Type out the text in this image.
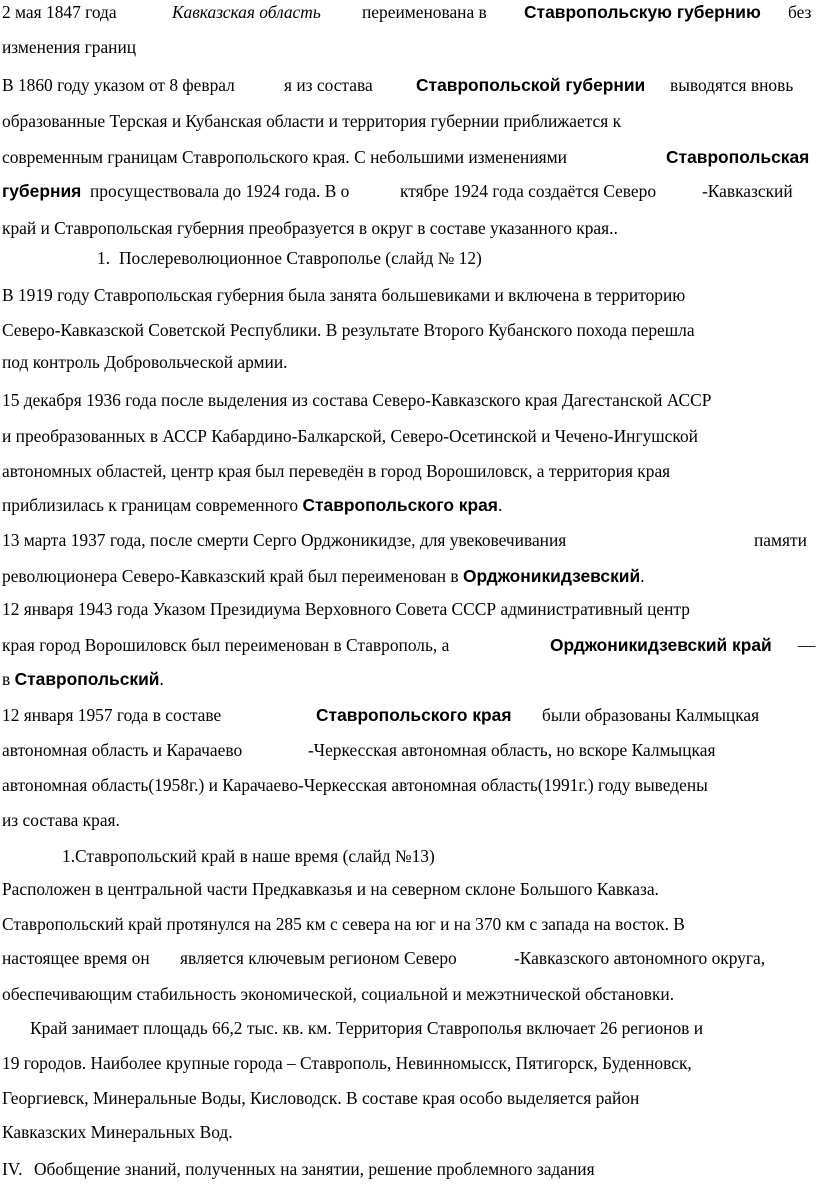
2 мая 1847 года	Кавказская область переименована в Ставропольскую губернию без
изменения границ
В 1860 году указом от 8 феврал	я из состава Ставропольской губернии выводятся вновь
образованные Терская и Кубанская области и территория губернии приближается к
современным границам Ставропольского края. С небольшими изменениями	Ставропольская
губерния просуществовала до 1924 года. В о	ктябре 1924 года создаётся Северо	-Кавказский
край и Ставропольская губерния преобразуется в округ в составе указанного края..
1. Послереволюционное Ставрополье (слайд № 12)
В 1919 году Ставропольская губерния была занята большевиками и включена в территорию
Северо-Кавказской Советской Республики. В результате Второго Кубанского похода перешла
под контроль Добровольческой армии.
15 декабря 1936 года после выделения из состава Северо-Кавказского края Дагестанской АССР
и преобразованных в АССР Кабардино-Балкарской, Северо-Осетинской и Чечено-Ингушской
автономных областей, центр края был переведён в город Ворошиловск, а территория края
приблизилась к границам современного Ставропольского края.
13 марта 1937 года, после смерти Серго Орджоникидзе, для увековечивания	памяти
революционера Северо-Кавказский край был переименован в Орджоникидзевский.
12 января 1943 года Указом Президиума Верховного Совета СССР административный центр
края город Ворошиловск был переименован в Ставрополь, а	Орджоникидзевский край —
в Ставропольский.
12 января 1957 года в составе	Ставропольского края были образованы Калмыцкая
автономная область и Карачаево	-Черкесская автономная область, но вскоре Калмыцкая
автономная область(1958г.) и Карачаево-Черкесская автономная область(1991г.) году выведены
из состава края.
1.Ставропольский край в наше время (слайд №13)
Расположен в центральной части Предкавказья и на северном склоне Большого Кавказа.
Ставропольский край протянулся на 285 км с севера на юг и на 370 км с запада на восток. В
настоящее время он является ключевым регионом Северо	-Кавказского автономного округа,
обеспечивающим стабильность экономической, социальной и межэтнической обстановки.
Край занимает площадь 66,2 тыс. кв. км. Территория Ставрополья включает 26 регионов и
19 городов. Наиболее крупные города – Ставрополь, Невинномысск, Пятигорск, Буденновск,
Георгиевск, Минеральные Воды, Кисловодск. В составе края особо выделяется район
Кавказских Минеральных Вод.
IV. Обобщение знаний, полученных на занятии, решение проблемного задания
